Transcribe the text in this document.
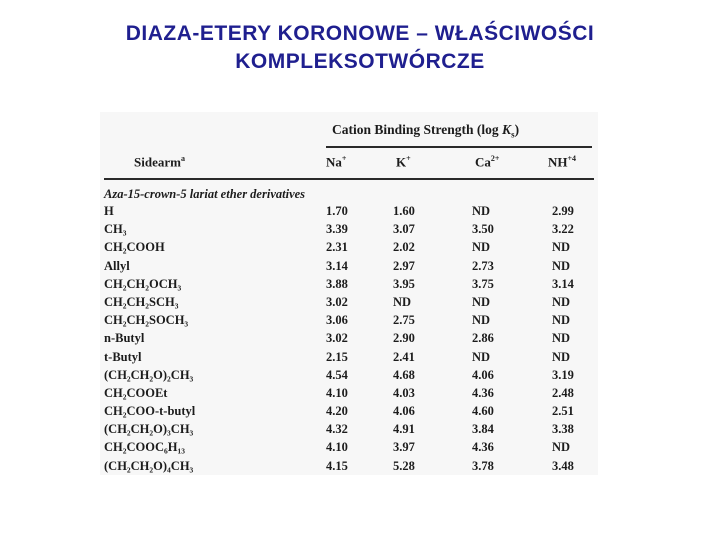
DIAZA-ETERY KORONOWE – WŁAŚCIWOŚCI
KOMPLEKSOTWÓRCZE
Cation Binding Strength (log $K_s$)
Sidearm$^a$	Na+	K+	$Ca^{2+}$	$NH^{+4}$
Aza-15-crown-5 lariat ether derivatives
H	1.70	1.60	ND	2.99
CH₃	3.39	3.07	3.50	3.22
CH₂COOH	2.31	2.02	ND	ND
Allyl	3.14	2.97	2.73	ND
CH₂CH₂OCH₃	3.88	3.95	3.75	3.14
CH₂CH₂SCH₃	3.02	ND	ND	ND
CH₂CH₂SOCH₃	3.06	2.75	ND	ND
n-Butyl	3.02	2.90	2.86	ND
t-Butyl	2.15	2.41	ND	ND
(CH₂CH₂O)₂CH₃	4.54	4.68	4.06	3.19
CH₂COOEt	4.10	4.03	4.36	2.48
CH₂COO-t-butyl	4.20	4.06	4.60	2.51
(CH₂CH₂O)₃CH₃	4.32	4.91	3.84	3.38
CH₂COOC₆H₁₃	4.10	3.97	4.36	ND
(CH₂CH₂O)₄CH₃	4.15	5.28	3.78	3.48
